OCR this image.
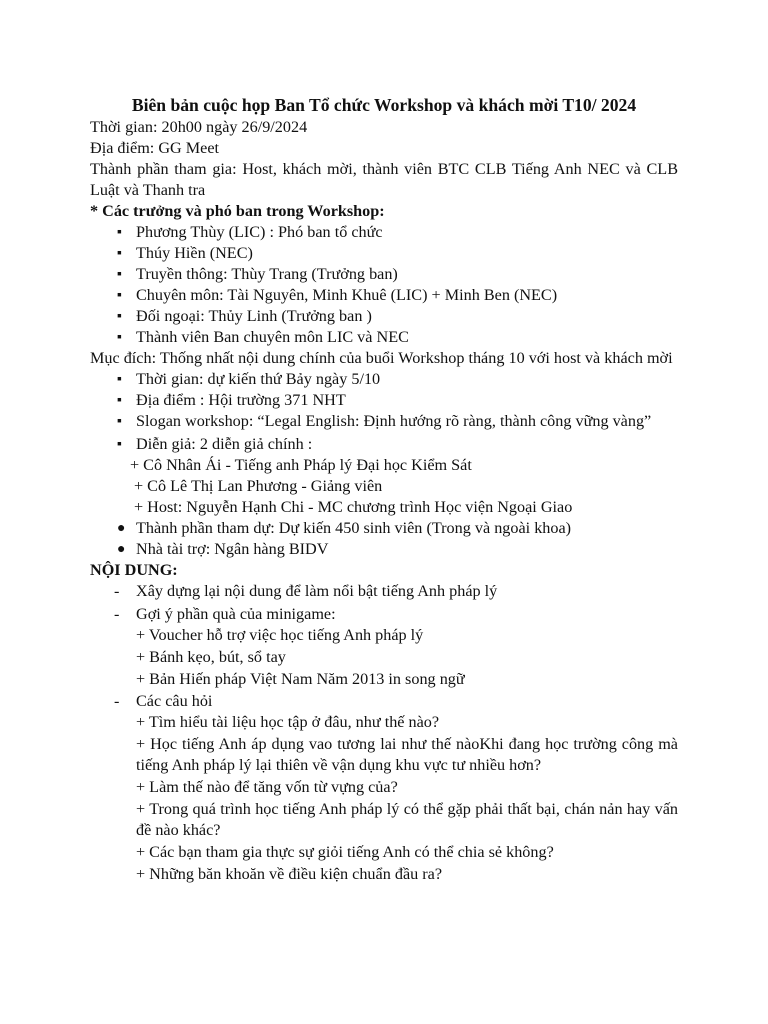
Biên bản cuộc họp Ban Tổ chức Workshop và khách mời T10/ 2024

Thời gian: 20h00 ngày 26/9/2024

Địa điểm: GG Meet

Thành phần tham gia: Host, khách mời, thành viên BTC CLB Tiếng Anh NEC và CLB Luật và Thanh tra

* Các trưởng và phó ban trong Workshop:

▪ Phương Thùy (LIC) : Phó ban tổ chức
▪ Thúy Hiền (NEC)
▪ Truyền thông: Thùy Trang (Trưởng ban)
▪ Chuyên môn: Tài Nguyên, Minh Khuê (LIC) + Minh Ben (NEC)
▪ Đối ngoại: Thủy Linh (Trưởng ban )
▪ Thành viên Ban chuyên môn LIC và NEC

Mục đích: Thống nhất nội dung chính của buổi Workshop tháng 10 với host và khách mời

▪ Thời gian: dự kiến thứ Bảy ngày 5/10
▪ Địa điểm : Hội trường 371 NHT
▪ Slogan workshop: “Legal English: Định hướng rõ ràng, thành công vững vàng”
▪ Diễn giả: 2 diễn giả chính :
+ Cô Nhân Ái - Tiếng anh Pháp lý Đại học Kiểm Sát
+ Cô Lê Thị Lan Phương - Giảng viên
+ Host: Nguyễn Hạnh Chi - MC chương trình Học viện Ngoại Giao
● Thành phần tham dự: Dự kiến 450 sinh viên (Trong và ngoài khoa)
● Nhà tài trợ: Ngân hàng BIDV

NỘI DUNG:

- Xây dựng lại nội dung để làm nổi bật tiếng Anh pháp lý
- Gợi ý phần quà của minigame:

+ Voucher hỗ trợ việc học tiếng Anh pháp lý

+ Bánh kẹo, bút, sổ tay

+ Bản Hiến pháp Việt Nam Năm 2013 in song ngữ

- Các câu hỏi

+ Tìm hiểu tài liệu học tập ở đâu, như thế nào?

+ Học tiếng Anh áp dụng vao tương lai như thế nàoKhi đang học trường công mà tiếng Anh pháp lý lại thiên về vận dụng khu vực tư nhiều hơn?

+ Làm thế nào để tăng vốn từ vựng của?

+ Trong quá trình học tiếng Anh pháp lý có thể gặp phải thất bại, chán nản hay vấn đề nào khác?

+ Các bạn tham gia thực sự giỏi tiếng Anh có thể chia sẻ không?

+ Những băn khoăn về điều kiện chuẩn đầu ra?
